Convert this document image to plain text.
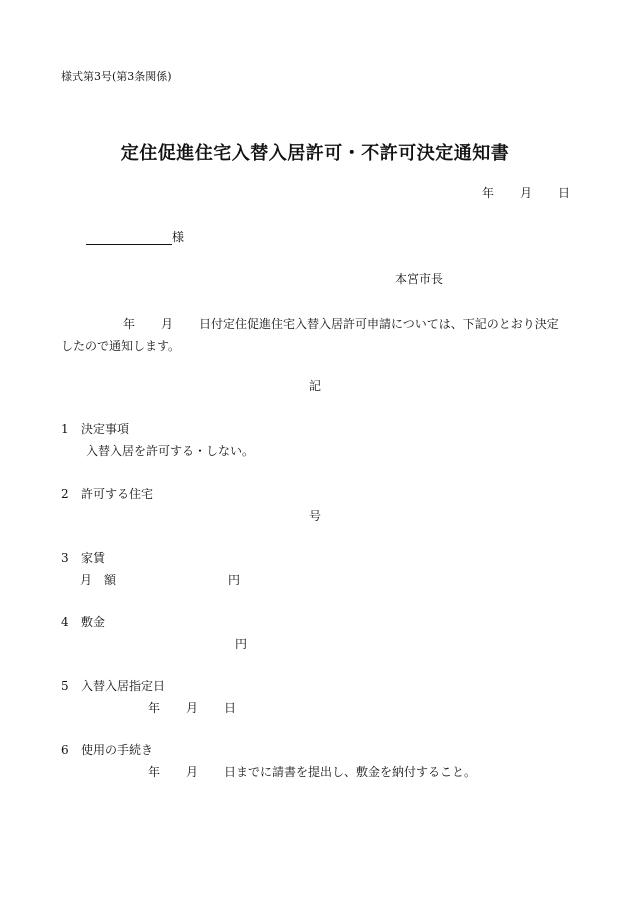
様式第3号(第3条関係)
定住促進住宅入替入居許可・不許可決定通知書
年 月 日
様
本宮市長
年 月 日付定住促進住宅入替入居許可申請については、下記のとおり決定
したので通知します。
記
1 決定事項
入替入居を許可する・しない。
2 許可する住宅
号
3 家賃
月　額	円
4 敷金
円
5 入替入居指定日
年 月 日
6 使用の手続き
年 月 日までに請書を提出し、敷金を納付すること。
